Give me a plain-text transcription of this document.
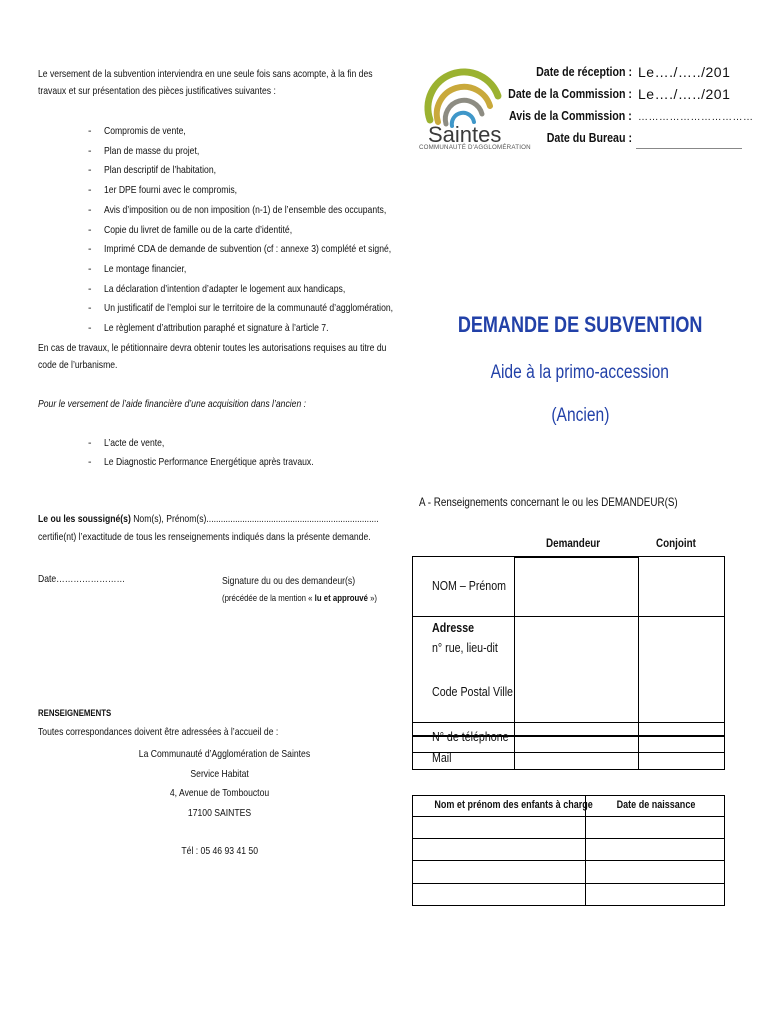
Le versement de la subvention interviendra en une seule fois sans acompte, à la fin des travaux et sur présentation des pièces justificatives suivantes :
- Compromis de vente,
- Plan de masse du projet,
- Plan descriptif de l’habitation,
- 1er DPE fourni avec le compromis,
- Avis d’imposition ou de non imposition (n-1) de l’ensemble des occupants,
- Copie du livret de famille ou de la carte d’identité,
- Imprimé CDA de demande de subvention (cf : annexe 3) complété et signé,
- Le montage financier,
- La déclaration d’intention d’adapter le logement aux handicaps,
- Un justificatif de l’emploi sur le territoire de la communauté d’agglomération,
- Le règlement d’attribution paraphé et signature à l’article 7.
En cas de travaux, le pétitionnaire devra obtenir toutes les autorisations requises au titre du code de l’urbanisme.
Pour le versement de l’aide financière d’une acquisition dans l’ancien :
- L’acte de vente,
- Le Diagnostic Performance Energétique après travaux.
Le ou les soussigné(s) Nom(s), Prénom(s)........................................................................
certifie(nt) l’exactitude de tous les renseignements indiqués dans la présente demande.
Date……………………	Signature du ou des demandeur(s)
(précédée de la mention « lu et approuvé »)
RENSEIGNEMENTS
Toutes correspondances doivent être adressées à l’accueil de :
La Communauté d’Agglomération de Saintes
Service Habitat
4, Avenue de Tombouctou
17100 SAINTES
Tél : 05 46 93 41 50
Saintes
COMMUNAUTÉ D'AGGLOMÉRATION
Date de réception : Le…./…../201
Date de la Commission : Le…./…../201
Avis de la Commission : ……………………………
Date du Bureau :
DEMANDE DE SUBVENTION
Aide à la primo-accession
(Ancien)
A - Renseignements concernant le ou les DEMANDEUR(S)
Demandeur	Conjoint
NOM – Prénom
Adresse
n° rue, lieu-dit
Code Postal Ville
N° de téléphone
Mail
Nom et prénom des enfants à charge	Date de naissance
